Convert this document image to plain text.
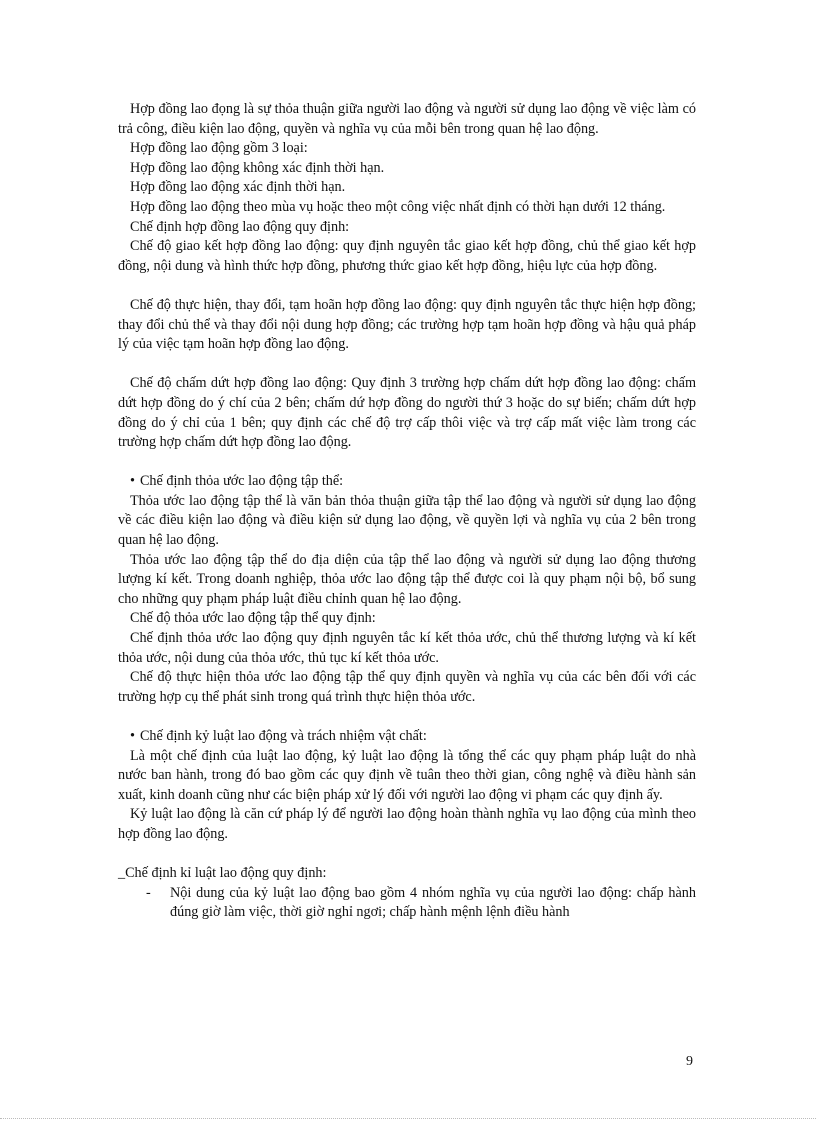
Hợp đồng lao đọng là sự thỏa thuận giữa người lao động và người sử dụng lao động về việc làm có trả công, điều kiện lao động, quyền và nghĩa vụ của mỗi bên trong quan hệ lao động.

Hợp đồng lao động gồm 3 loại:

Hợp đồng lao động không xác định thời hạn.

Hợp đồng lao động xác định thời hạn.

Hợp đồng lao động theo mùa vụ hoặc theo một công việc nhất định có thời hạn dưới 12 tháng.

Chế định hợp đồng lao động quy định:

Chế độ giao kết hợp đồng lao động: quy định nguyên tắc giao kết hợp đồng, chủ thể giao kết hợp đồng, nội dung và hình thức hợp đồng, phương thức giao kết hợp đồng, hiệu lực của hợp đồng.

Chế độ thực hiện, thay đổi, tạm hoãn hợp đồng lao động: quy định nguyên tắc thực hiện hợp đồng; thay đổi chủ thể và thay đổi nội dung hợp đồng; các trường hợp tạm hoãn hợp đồng và hậu quả pháp lý của việc tạm hoãn hợp đồng lao động.

Chế độ chấm dứt hợp đồng lao động: Quy định 3 trường hợp chấm dứt hợp đồng lao động: chấm dứt hợp đồng do ý chí của 2 bên; chấm dứ hợp đồng do người thứ 3 hoặc do sự biến; chấm dứt hợp đồng do ý chỉ của 1 bên; quy định các chế độ trợ cấp thôi việc và trợ cấp mất việc làm trong các trường hợp chấm dứt hợp đồng lao động.

• Chế định thỏa ước lao động tập thể:

Thỏa ước lao động tập thể là văn bản thỏa thuận giữa tập thể lao động và người sử dụng lao động về các điều kiện lao động và điều kiện sử dụng lao động, về quyền lợi và nghĩa vụ của 2 bên trong quan hệ lao động.

Thỏa ước lao động tập thể do địa diện của tập thể lao động và người sử dụng lao động thương lượng kí kết. Trong doanh nghiệp, thỏa ước lao động tập thể được coi là quy phạm nội bộ, bổ sung cho những quy phạm pháp luật điều chỉnh quan hệ lao động.

Chế độ thỏa ước lao động tập thể quy định:

Chế định thỏa ước lao động quy định nguyên tắc kí kết thỏa ước, chủ thể thương lượng và kí kết thỏa ước, nội dung của thỏa ước, thủ tục kí kết thỏa ước.

Chế độ thực hiện thỏa ước lao động tập thể quy định quyền và nghĩa vụ của các bên đối với các trường hợp cụ thể phát sinh trong quá trình thực hiện thỏa ước.

• Chế định kỷ luật lao động và trách nhiệm vật chất:

Là một chế định của luật lao động, kỷ luật lao động là tổng thể các quy phạm pháp luật do nhà nước ban hành, trong đó bao gồm các quy định về tuân theo thời gian, công nghệ và điều hành sản xuất, kinh doanh cũng như các biện pháp xử lý đối với người lao động vi phạm các quy định ấy.

Kỷ luật lao động là căn cứ pháp lý để người lao động hoàn thành nghĩa vụ lao động của mình theo hợp đồng lao động.

_Chế định kỉ luật lao động quy định:

- Nội dung của kỷ luật lao động bao gồm 4 nhóm nghĩa vụ của người lao động: chấp hành đúng giờ làm việc, thời giờ nghỉ ngơi; chấp hành mệnh lệnh điều hành

9
